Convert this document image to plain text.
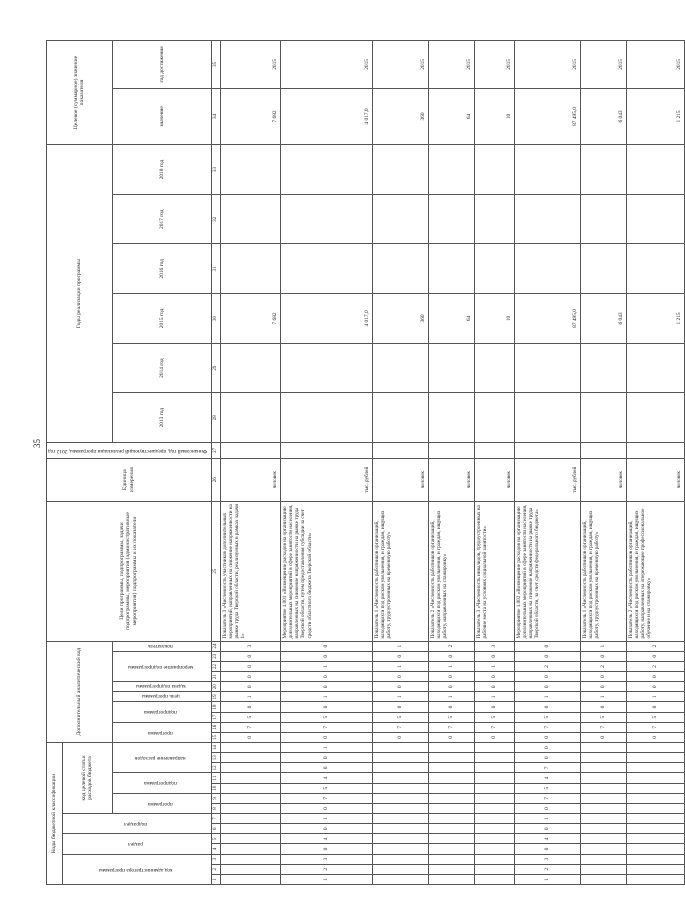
35
Коды бюджетной классификации														Дополнительный аналитический код										Цели программы, подпрограммы, задачи подпрограммы, мероприятия (административные мероприятия) подпрограммы и их показатели	Единица измерения	Финансовый год, предшествующий реализации программы, 2012 год	Годы реализации программы						Целевое (суммарное) значение показателя	
код администратора программы			раздел		подраздел		код целевой статьи расходов бюджета																											
							программа		подпрограмма		направление расходов			программа		подпрограмма		цель программы	задача подпрограммы	мероприятие подпрограммы			показатель				2013 год	2014 год	2015 год	2016 год	2017 год	2018 год	значение	год достижения

1	2	3	4	5	6	7	8	9	10	11	12	13	14	15	16	17	18	19	20	21	22	23	24	25	26	27	28	29	30	31	32	33	34	35
														0	7	5	0	1	0	0	0	0	3	Показатель 3 «Численность участников дополнительных мероприятий, направленных на снижение напряженности на рынке труда Тверской области, реализуемых в рамках задачи 1»	человек				7 682				7 682	2015
1	2	3	0	4	0	1	0	7	5	4	0	0	1	0	7	5	0	1	0	0	1	0	0	Мероприятие 1.001 «Возмещение расходов на организацию дополнительных мероприятий в сфере занятости населения, направленных на снижение напряженности на рынке труда Тверской области, путем предоставления субсидии за счет средств областного бюджета Тверской области»	тыс. рублей				4 017,0				4 017,0	2015
														0	7	5	0	1	0	0	1	0	1	Показатель 1 «Численность работников организаций, находящихся под риском увольнения, и граждан, ищущих работу, трудоустроенных на временную работу»	человек				360				360	2015
														0	7	5	0	1	0	0	1	0	2	Показатель 2 «Численность работников организаций, находящихся под риском увольнения, и граждан, ищущих работу, направленных на стажировку»	человек				64				64	2015
														0	7	5	0	1	0	0	1	0	3	Показатель 3 «Численность инвалидов, трудоустроенных на рабочие места на условиях социальной занятости»	человек				10				10	2015
1	2	3	0	4	0	1	0	7	5	4	7	0	0	0	7	5	0	1	0	0	2	0	0	Мероприятие 1.002 «Возмещение расходов на организацию дополнительных мероприятий в сфере занятости населения, направленных на снижение напряженности на рынке труда Тверской области, за счет средств федерального бюджета»	тыс. рублей				87 495,0				87 495,0	2015
														0	7	5	0	1	0	0	2	0	1	Показатель 1 «Численность работников организаций, находящихся под риском увольнения, и граждан, ищущих работу, трудоустроенных на временную работу»	человек				6 043				6 043	2015
														0	7	5	0	1	0	0	2	0	2	Показатель 2 «Численность работников организаций, находящихся под риском увольнения, и граждан, ищущих работу, направленных на опережающее профессиональное обучение и на стажировку»	человек				1 215				1 215	2015
